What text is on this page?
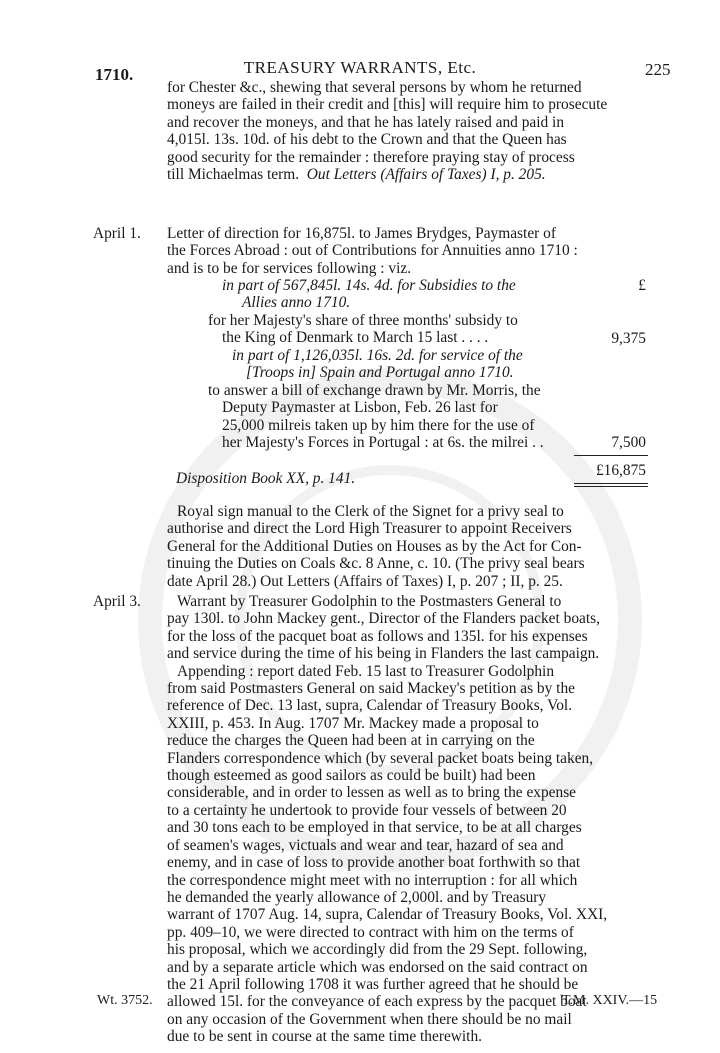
1710.	TREASURY WARRANTS, Etc.	225
for Chester &c., shewing that several persons by whom he returned
moneys are failed in their credit and [this] will require him to prosecute
and recover the moneys, and that he has lately raised and paid in
4,015l. 13s. 10d. of his debt to the Crown and that the Queen has
good security for the remainder : therefore praying stay of process
till Michaelmas term. Out Letters (Affairs of Taxes) I, p. 205.
April 1. Letter of direction for 16,875l. to James Brydges, Paymaster of
the Forces Abroad : out of Contributions for Annuities anno 1710 :
and is to be for services following : viz.
in part of 567,845l. 14s. 4d. for Subsidies to the
Allies anno 1710.
£
for her Majesty's share of three months' subsidy to
the King of Denmark to March 15 last . . . .	9,375
in part of 1,126,035l. 16s. 2d. for service of the
[Troops in] Spain and Portugal anno 1710.
to answer a bill of exchange drawn by Mr. Morris, the
Deputy Paymaster at Lisbon, Feb. 26 last for
25,000 milreis taken up by him there for the use of
her Majesty's Forces in Portugal : at 6s. the milrei . .	7,500
£16,875
Disposition Book XX, p. 141.
Royal sign manual to the Clerk of the Signet for a privy seal to
authorise and direct the Lord High Treasurer to appoint Receivers
General for the Additional Duties on Houses as by the Act for Con-
tinuing the Duties on Coals &c. 8 Anne, c. 10. (The privy seal bears
date April 28.) Out Letters (Affairs of Taxes) I, p. 207 ; II, p. 25.
April 3.	Warrant by Treasurer Godolphin to the Postmasters General to
pay 130l. to John Mackey gent., Director of the Flanders packet boats,
for the loss of the pacquet boat as follows and 135l. for his expenses
and service during the time of his being in Flanders the last campaign.
Appending : report dated Feb. 15 last to Treasurer Godolphin
from said Postmasters General on said Mackey's petition as by the
reference of Dec. 13 last, supra, Calendar of Treasury Books, Vol.
XXIII, p. 453. In Aug. 1707 Mr. Mackey made a proposal to
reduce the charges the Queen had been at in carrying on the
Flanders correspondence which (by several packet boats being taken,
though esteemed as good sailors as could be built) had been
considerable, and in order to lessen as well as to bring the expense
to a certainty he undertook to provide four vessels of between 20
and 30 tons each to be employed in that service, to be at all charges
of seamen's wages, victuals and wear and tear, hazard of sea and
enemy, and in case of loss to provide another boat forthwith so that
the correspondence might meet with no interruption : for all which
he demanded the yearly allowance of 2,000l. and by Treasury
warrant of 1707 Aug. 14, supra, Calendar of Treasury Books, Vol. XXI,
pp. 409–10, we were directed to contract with him on the terms of
his proposal, which we accordingly did from the 29 Sept. following,
and by a separate article which was endorsed on the said contract on
the 21 April following 1708 it was further agreed that he should be
allowed 15l. for the conveyance of each express by the pacquet boat
on any occasion of the Government when there should be no mail
due to be sent in course at the same time therewith.
Wt. 3752.	T.M. XXIV.—15
